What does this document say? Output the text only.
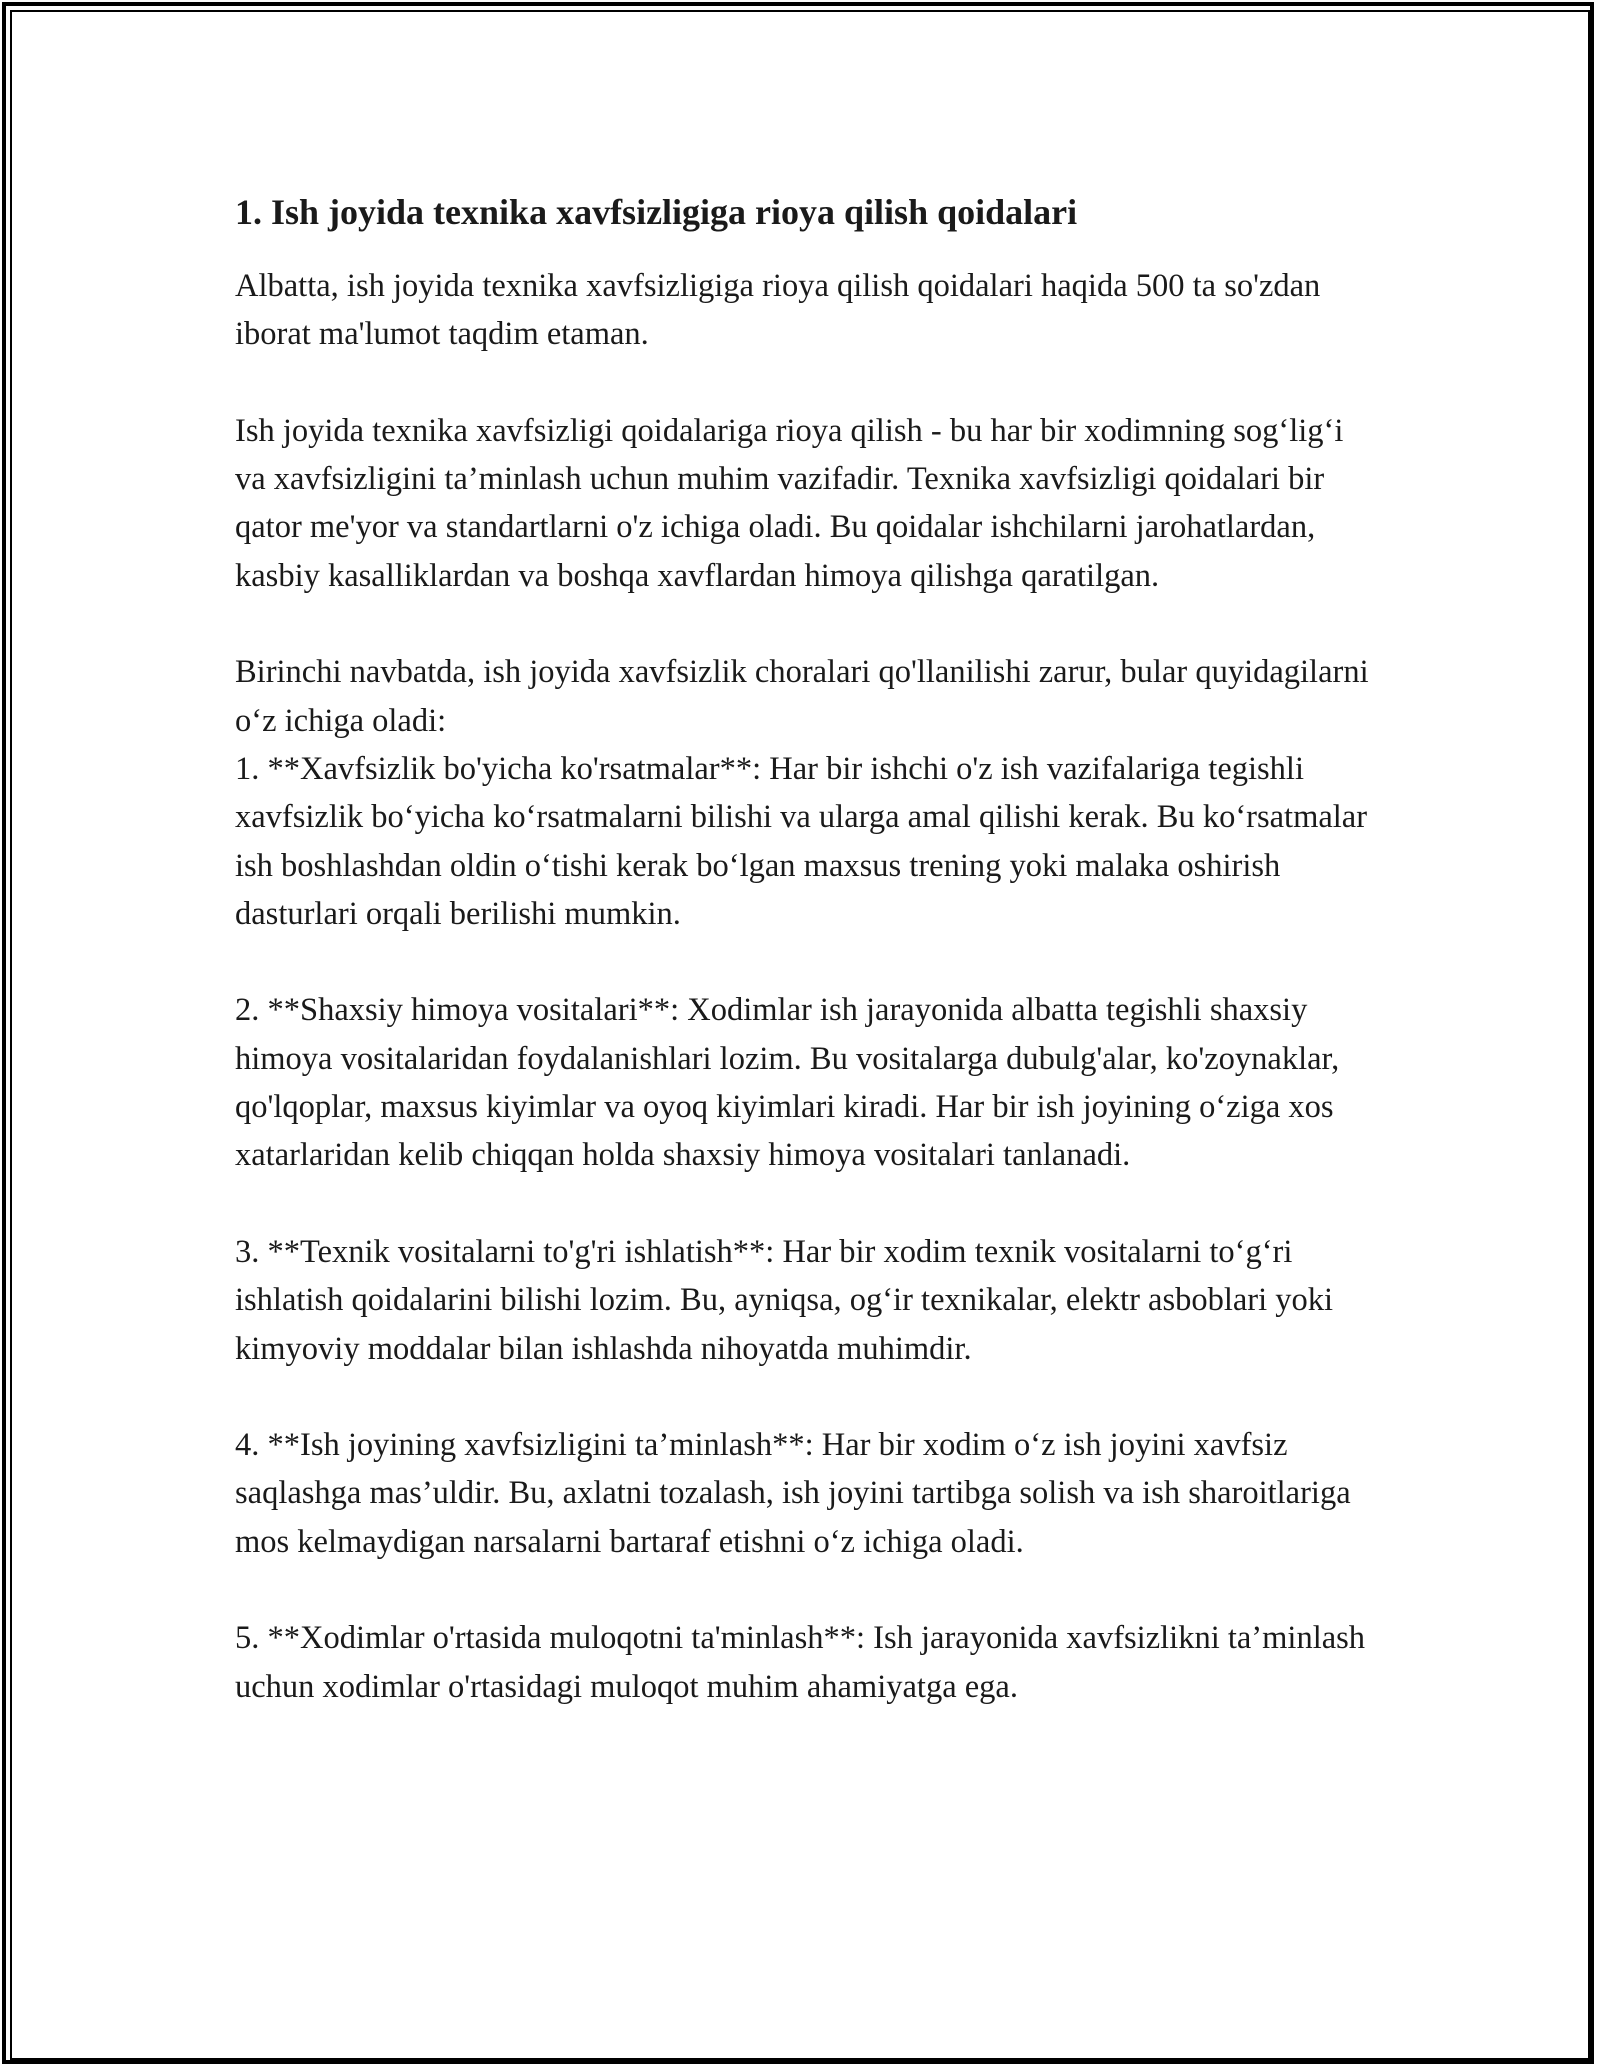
1. Ish joyida texnika xavfsizligiga rioya qilish qoidalari

Albatta, ish joyida texnika xavfsizligiga rioya qilish qoidalari haqida 500 ta so'zdan iborat ma'lumot taqdim etaman.

Ish joyida texnika xavfsizligi qoidalariga rioya qilish - bu har bir xodimning sog‘lig‘i va xavfsizligini ta’minlash uchun muhim vazifadir. Texnika xavfsizligi qoidalari bir qator me'yor va standartlarni o'z ichiga oladi. Bu qoidalar ishchilarni jarohatlardan, kasbiy kasalliklardan va boshqa xavflardan himoya qilishga qaratilgan.

Birinchi navbatda, ish joyida xavfsizlik choralari qo'llanilishi zarur, bular quyidagilarni o‘z ichiga oladi:

1. **Xavfsizlik bo'yicha ko'rsatmalar**: Har bir ishchi o'z ish vazifalariga tegishli xavfsizlik bo‘yicha ko‘rsatmalarni bilishi va ularga amal qilishi kerak. Bu ko‘rsatmalar ish boshlashdan oldin o‘tishi kerak bo‘lgan maxsus trening yoki malaka oshirish dasturlari orqali berilishi mumkin.

2. **Shaxsiy himoya vositalari**: Xodimlar ish jarayonida albatta tegishli shaxsiy himoya vositalaridan foydalanishlari lozim. Bu vositalarga dubulg'alar, ko'zoynaklar, qo'lqoplar, maxsus kiyimlar va oyoq kiyimlari kiradi. Har bir ish joyining o‘ziga xos xatarlaridan kelib chiqqan holda shaxsiy himoya vositalari tanlanadi.

3. **Texnik vositalarni to'g'ri ishlatish**: Har bir xodim texnik vositalarni to‘g‘ri ishlatish qoidalarini bilishi lozim. Bu, ayniqsa, og‘ir texnikalar, elektr asboblari yoki kimyoviy moddalar bilan ishlashda nihoyatda muhimdir.

4. **Ish joyining xavfsizligini ta’minlash**: Har bir xodim o‘z ish joyini xavfsiz saqlashga mas’uldir. Bu, axlatni tozalash, ish joyini tartibga solish va ish sharoitlariga mos kelmaydigan narsalarni bartaraf etishni o‘z ichiga oladi.

5. **Xodimlar o'rtasida muloqotni ta'minlash**: Ish jarayonida xavfsizlikni ta’minlash uchun xodimlar o'rtasidagi muloqot muhim ahamiyatga ega.
